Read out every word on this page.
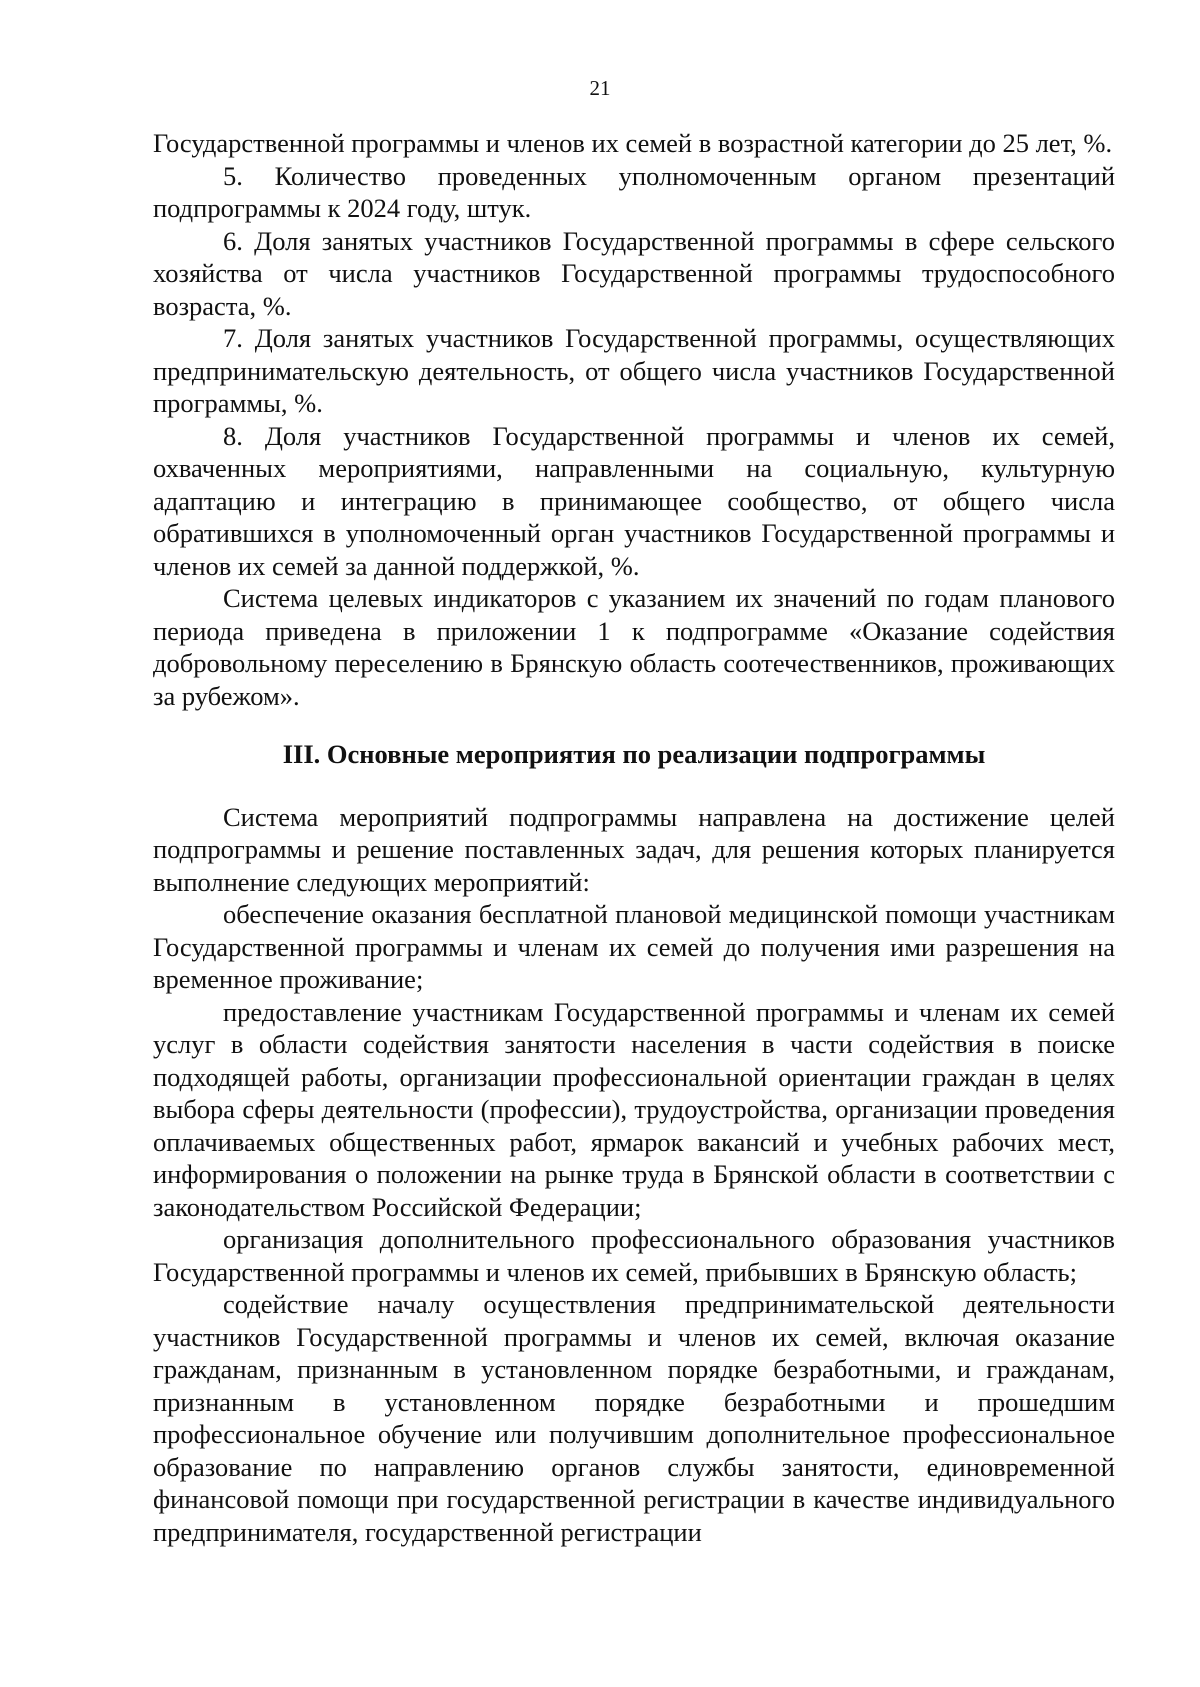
21

Государственной программы и членов их семей в возрастной категории до 25 лет, %.

5. Количество проведенных уполномоченным органом презентаций подпрограммы к 2024 году, штук.

6. Доля занятых участников Государственной программы в сфере сельского хозяйства от числа участников Государственной программы трудоспособного возраста, %.

7. Доля занятых участников Государственной программы, осуществляющих предпринимательскую деятельность, от общего числа участников Государственной программы, %.

8. Доля участников Государственной программы и членов их семей, охваченных мероприятиями, направленными на социальную, культурную адаптацию и интеграцию в принимающее сообщество, от общего числа обратившихся в уполномоченный орган участников Государственной программы и членов их семей за данной поддержкой, %.

Система целевых индикаторов с указанием их значений по годам планового периода приведена в приложении 1 к подпрограмме «Оказание содействия добровольному переселению в Брянскую область соотечественников, проживающих за рубежом».

III. Основные мероприятия по реализации подпрограммы

Система мероприятий подпрограммы направлена на достижение целей подпрограммы и решение поставленных задач, для решения которых планируется выполнение следующих мероприятий:

обеспечение оказания бесплатной плановой медицинской помощи участникам Государственной программы и членам их семей до получения ими разрешения на временное проживание;

предоставление участникам Государственной программы и членам их семей услуг в области содействия занятости населения в части содействия в поиске подходящей работы, организации профессиональной ориентации граждан в целях выбора сферы деятельности (профессии), трудоустройства, организации проведения оплачиваемых общественных работ, ярмарок вакансий и учебных рабочих мест, информирования о положении на рынке труда в Брянской области в соответствии с законодательством Российской Федерации;

организация дополнительного профессионального образования участников Государственной программы и членов их семей, прибывших в Брянскую область;

содействие началу осуществления предпринимательской деятельности участников Государственной программы и членов их семей, включая оказание гражданам, признанным в установленном порядке безработными, и гражданам, признанным в установленном порядке безработными и прошедшим профессиональное обучение или получившим дополнительное профессиональное образование по направлению органов службы занятости, единовременной финансовой помощи при государственной регистрации в качестве индивидуального предпринимателя, государственной регистрации
